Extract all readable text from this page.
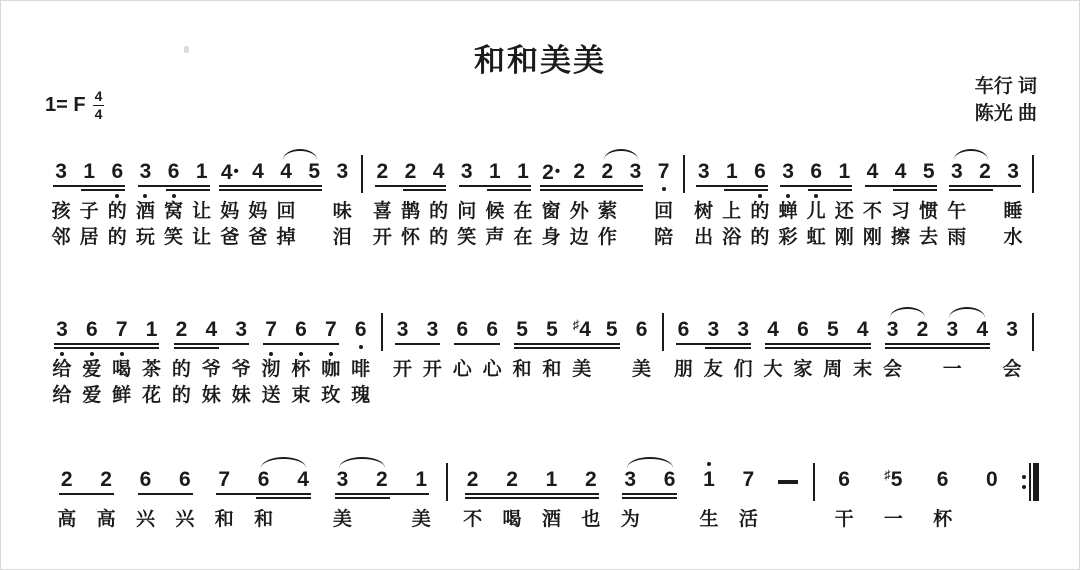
和和美美
车行 词
陈光 曲
1= F $\frac{4}{4}$
3
孩
邻
1
子
居
6
的
的
3
酒
玩
6
窝
笑
1
让
让
4•
妈
爸
4
妈
爸
4
回
掉
5 3
味
泪
2
喜
开
2
鹊
怀
4
的
的
3
问
笑
1
候
声
1
在
在
2•
窗
身
2
外
边
2
萦
作
3 7
回
陪
3
树
出
1
上
浴
6
的
的
3
蝉
彩
6
儿
虹
1
还
刚
4
不
刚
4
习
擦
5
惯
去
3
午
雨
2 3
睡
水
3
给
给
6
爱
爱
7
喝
鲜
1
茶
花
2
的
的
4
爷
妹
3
爷
妹
7
沏
送
6
杯
束
7
咖
玫
6
啡
瑰
3
开
3
开
6
心
6
心
5
和
5
和
♯4
美
5 6
美
6
朋
3
友
3
们
4
大
6
家
5
周
4
末
3
会
2 3
一
4 3
会
2
高
2
高
6
兴
6
兴
7
和
6
和
4 3
美
2 1
美
2
不
2
喝
1
酒
2
也
3
为
6 1
生
7
活
6
干
♯5
一
6
杯
0
